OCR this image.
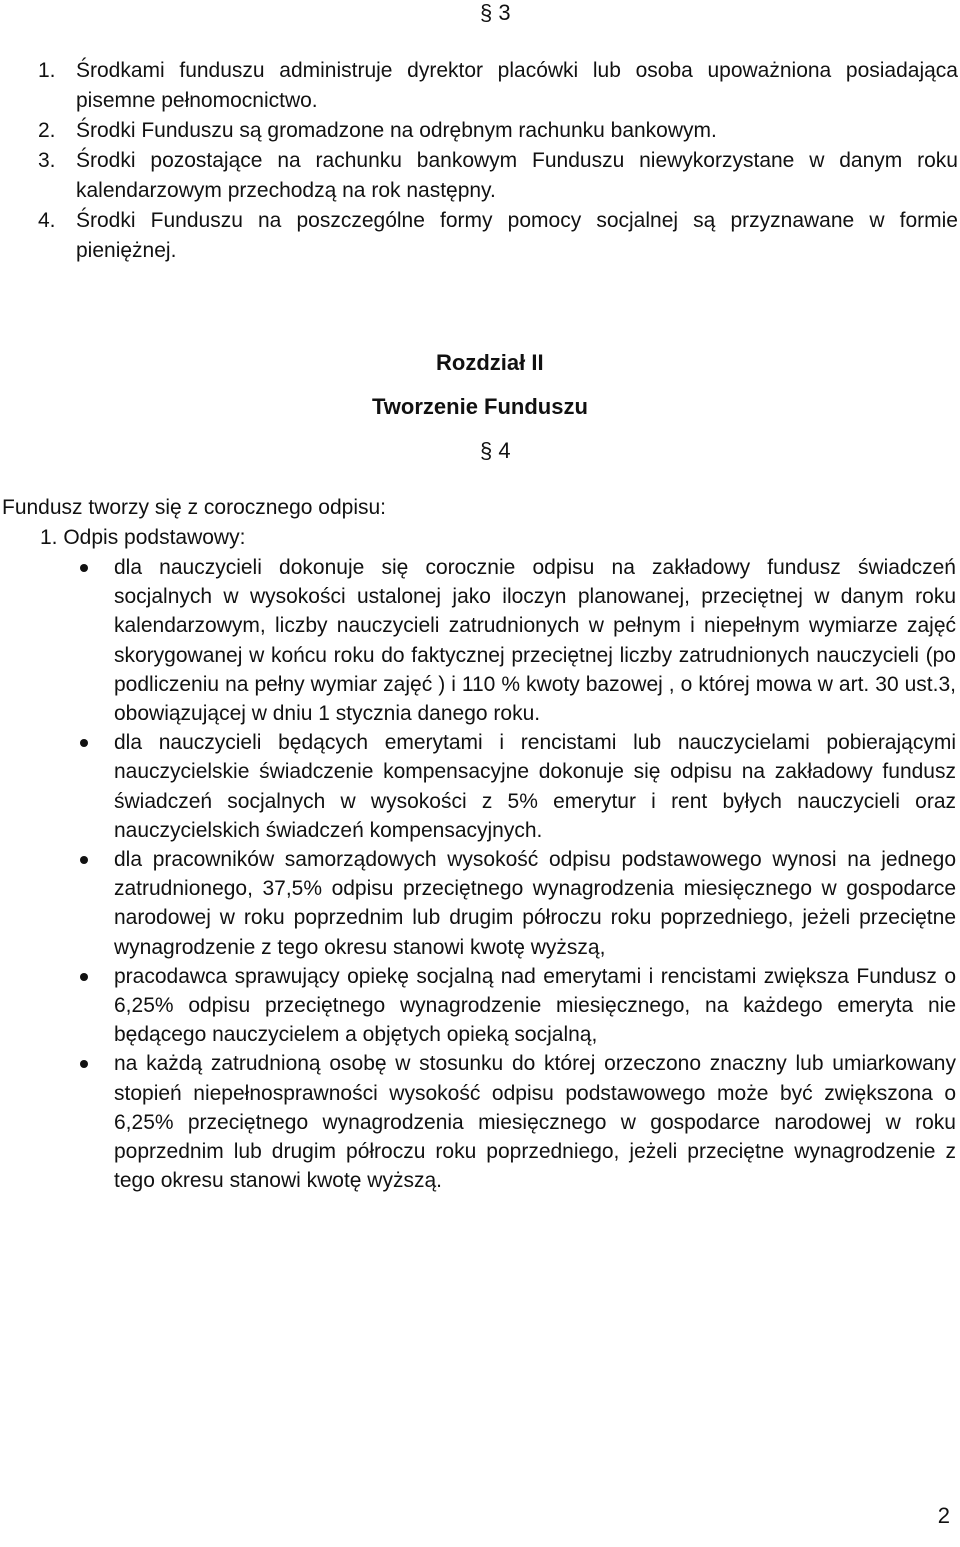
§ 3
1. Środkami funduszu administruje dyrektor placówki lub osoba upoważniona posiadająca pisemne pełnomocnictwo.
2. Środki Funduszu są gromadzone na odrębnym rachunku bankowym.
3. Środki pozostające na rachunku bankowym Funduszu niewykorzystane w danym roku kalendarzowym przechodzą na rok następny.
4. Środki Funduszu na poszczególne formy pomocy socjalnej są przyznawane w formie pieniężnej.
Rozdział II
Tworzenie Funduszu
§ 4
Fundusz tworzy się z corocznego odpisu:
1. Odpis podstawowy:
dla nauczycieli dokonuje się corocznie odpisu na zakładowy fundusz świadczeń socjalnych w wysokości ustalonej jako iloczyn planowanej, przeciętnej w danym roku kalendarzowym, liczby nauczycieli zatrudnionych w pełnym i niepełnym wymiarze zajęć skorygowanej w końcu roku do faktycznej przeciętnej liczby zatrudnionych nauczycieli (po podliczeniu na pełny wymiar zajęć ) i 110 % kwoty bazowej , o której mowa w art. 30 ust.3, obowiązującej w dniu 1 stycznia danego roku.
dla nauczycieli będących emerytami i rencistami lub nauczycielami pobierającymi nauczycielskie świadczenie kompensacyjne dokonuje się odpisu na zakładowy fundusz świadczeń socjalnych w wysokości z 5% emerytur i rent byłych nauczycieli oraz nauczycielskich świadczeń kompensacyjnych.
dla pracowników samorządowych wysokość odpisu podstawowego wynosi na jednego zatrudnionego, 37,5% odpisu przeciętnego wynagrodzenia miesięcznego w gospodarce narodowej w roku poprzednim lub drugim półroczu roku poprzedniego, jeżeli przeciętne wynagrodzenie z tego okresu stanowi kwotę wyższą,
pracodawca sprawujący opiekę socjalną nad emerytami i rencistami zwiększa Fundusz o 6,25% odpisu przeciętnego wynagrodzenie miesięcznego, na każdego emeryta nie będącego nauczycielem a objętych opieką socjalną,
na każdą zatrudnioną osobę w stosunku do której orzeczono znaczny lub umiarkowany stopień niepełnosprawności wysokość odpisu podstawowego może być zwiększona o 6,25% przeciętnego wynagrodzenia miesięcznego w gospodarce narodowej w roku poprzednim lub drugim półroczu roku poprzedniego, jeżeli przeciętne wynagrodzenie z tego okresu stanowi kwotę wyższą.
2
